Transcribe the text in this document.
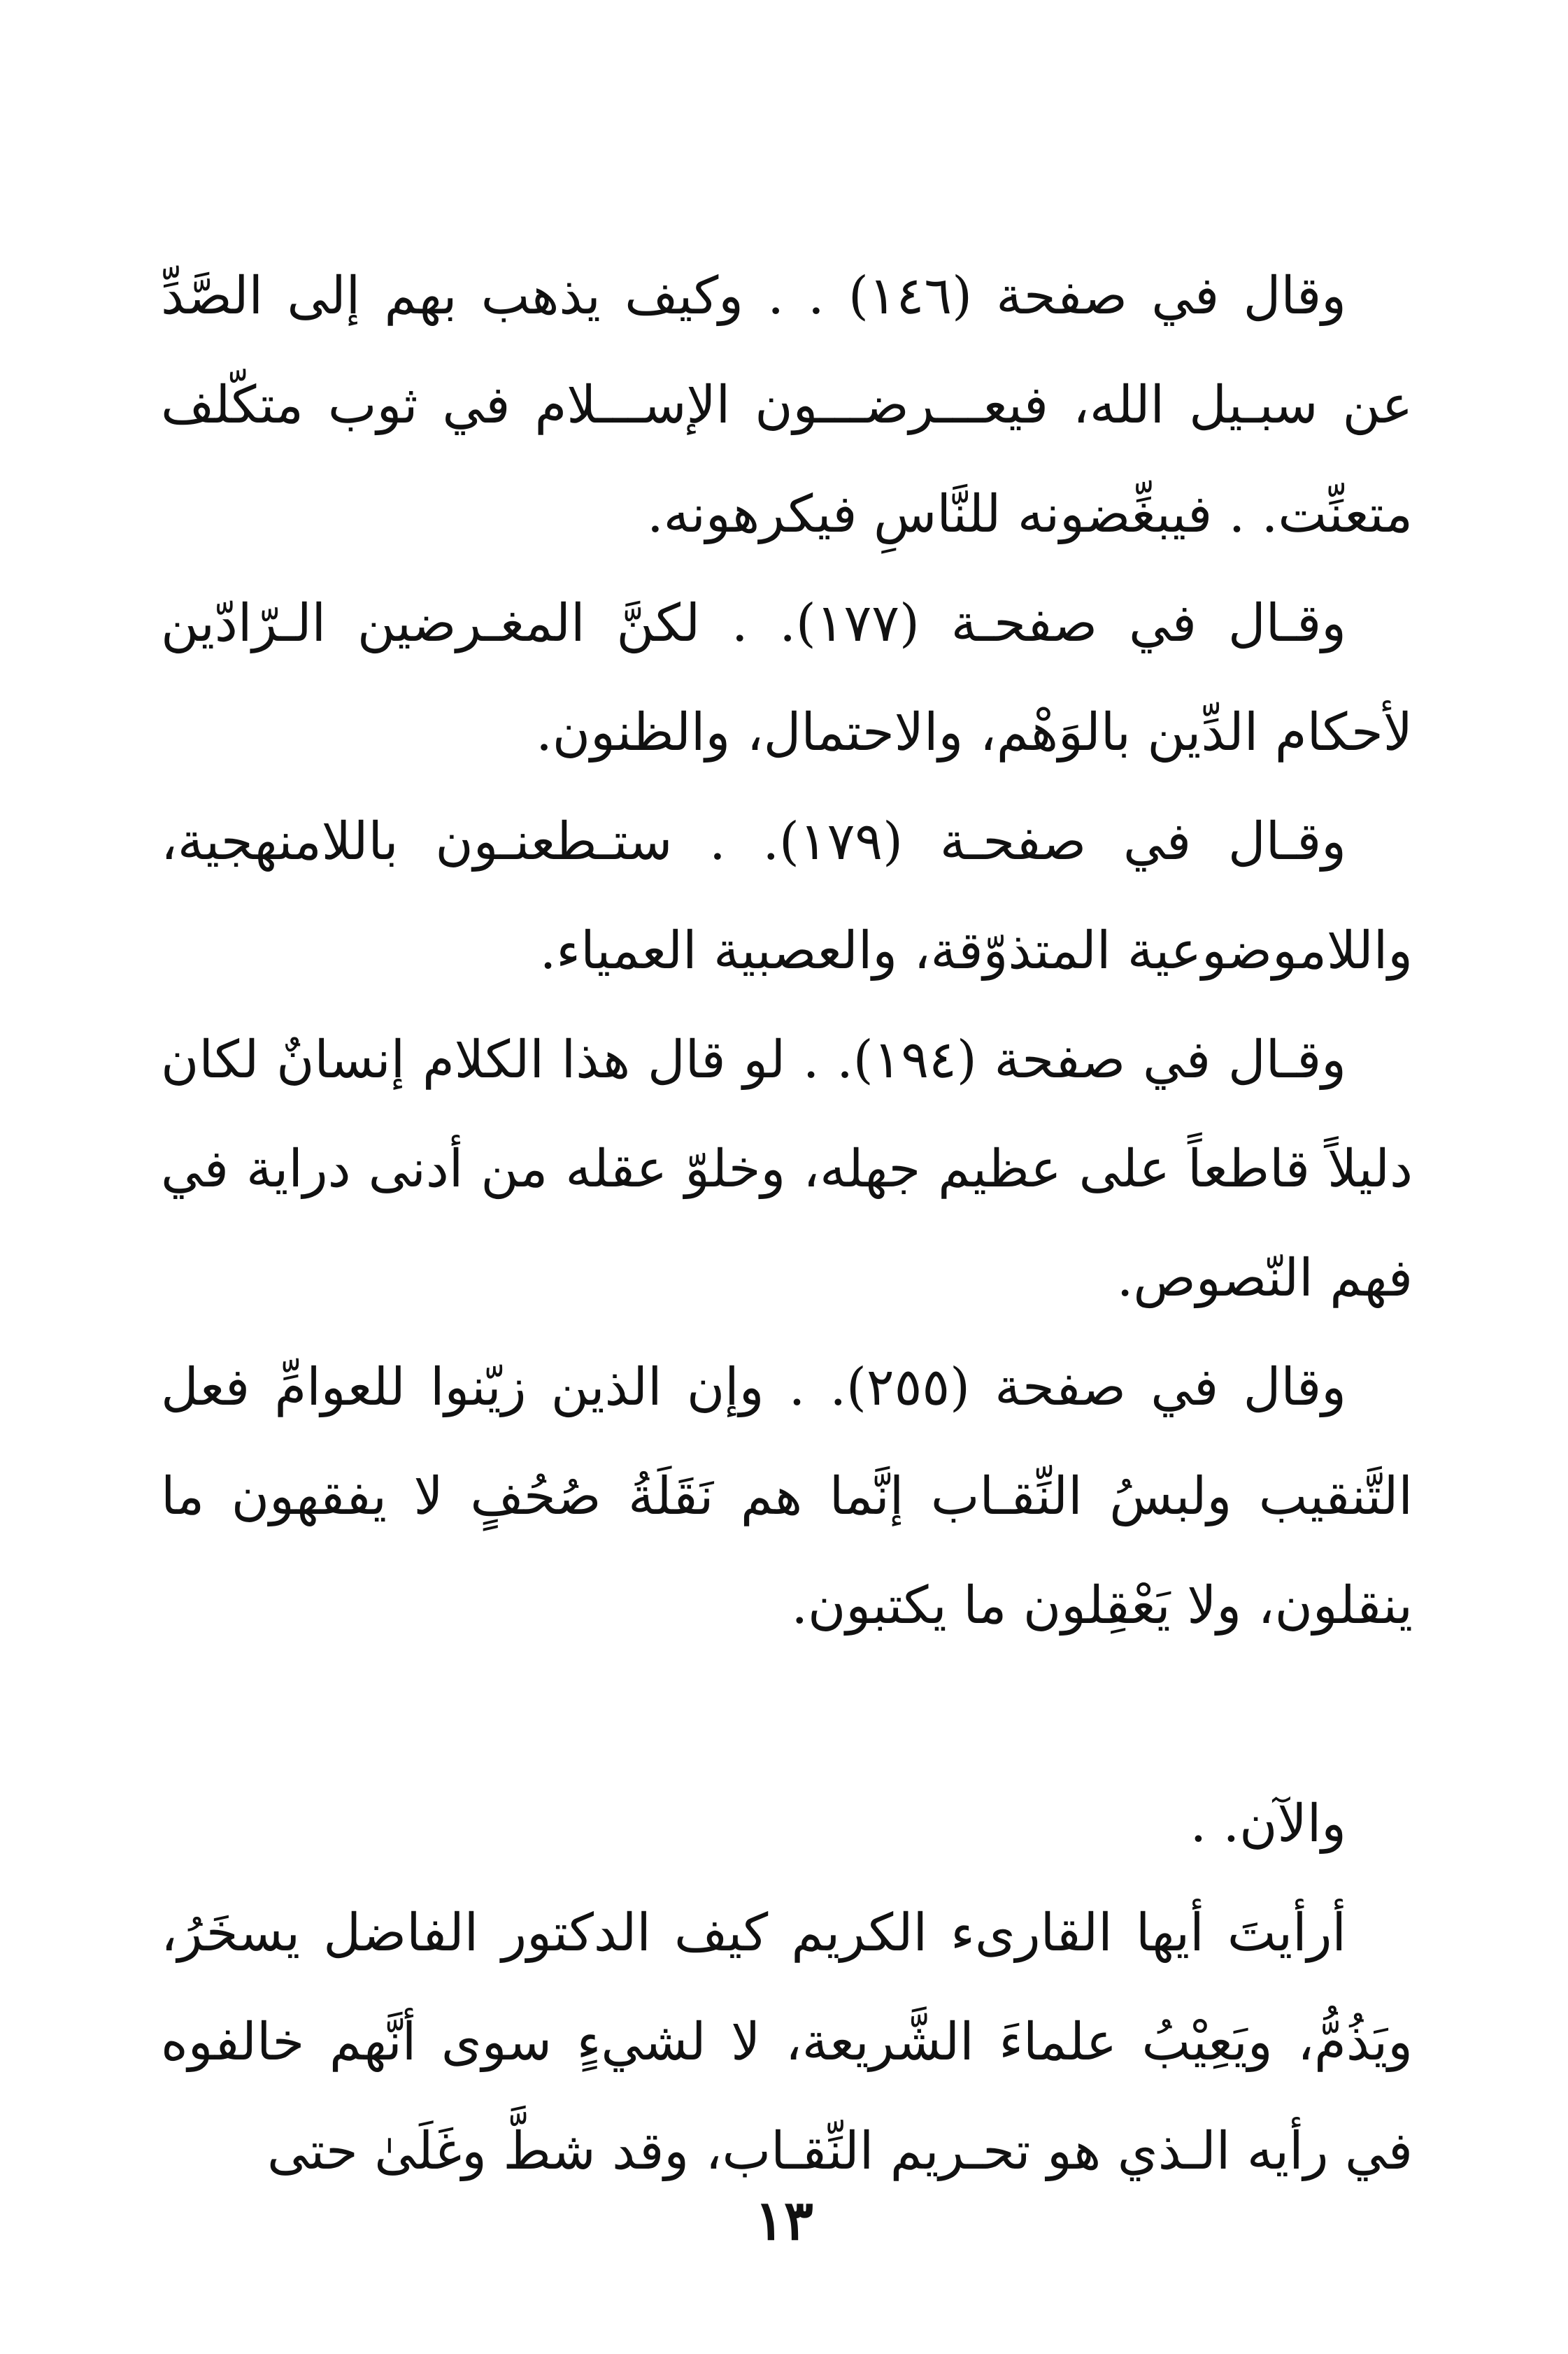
وقال في صفحة (١٤٦) . . وكيف يذهب بهم إلى الصَّدِّ عن سبـيل الله، فيعـــرضـــون الإســـلام في ثوب متكّلف متعنِّت. . فيبغِّضونه للنَّاسِ فيكرهونه.

وقـال في صفحـة (١٧٧). . لكنَّ المغـرضين الـرّادّين لأحكام الدِّين بالوَهْم، والاحتمال، والظنون.

وقـال في صفحـة (١٧٩). . ستـطعنـون باللامنهجية، واللاموضوعية المتذوّقة، والعصبية العمياء.

وقـال في صفحة (١٩٤). . لو قال هذا الكلام إنسانٌ لكان دليلاً قاطعاً على عظيم جهله، وخلوّ عقله من أدنى دراية في فهم النّصوص.

وقال في صفحة (٢٥٥). . وإن الذين زيّنوا للعوامِّ فعل التَّنقيب ولبسُ النِّقـاب إنَّما هم نَقَلَةُ صُحُفٍ لا يفقهون ما ينقلون، ولا يَعْقِلون ما يكتبون.

والآن. .

أرأيتَ أيها القارىء الكريم كيف الدكتور الفاضل يسخَرُ، ويَذُمُّ، ويَعِيْبُ علماءَ الشَّريعة، لا لشيءٍ سوى أنَّهم خالفوه في رأيه الـذي هو تحـريم النِّقـاب، وقد شطَّ وغَلَىٰ حتى

١٣
